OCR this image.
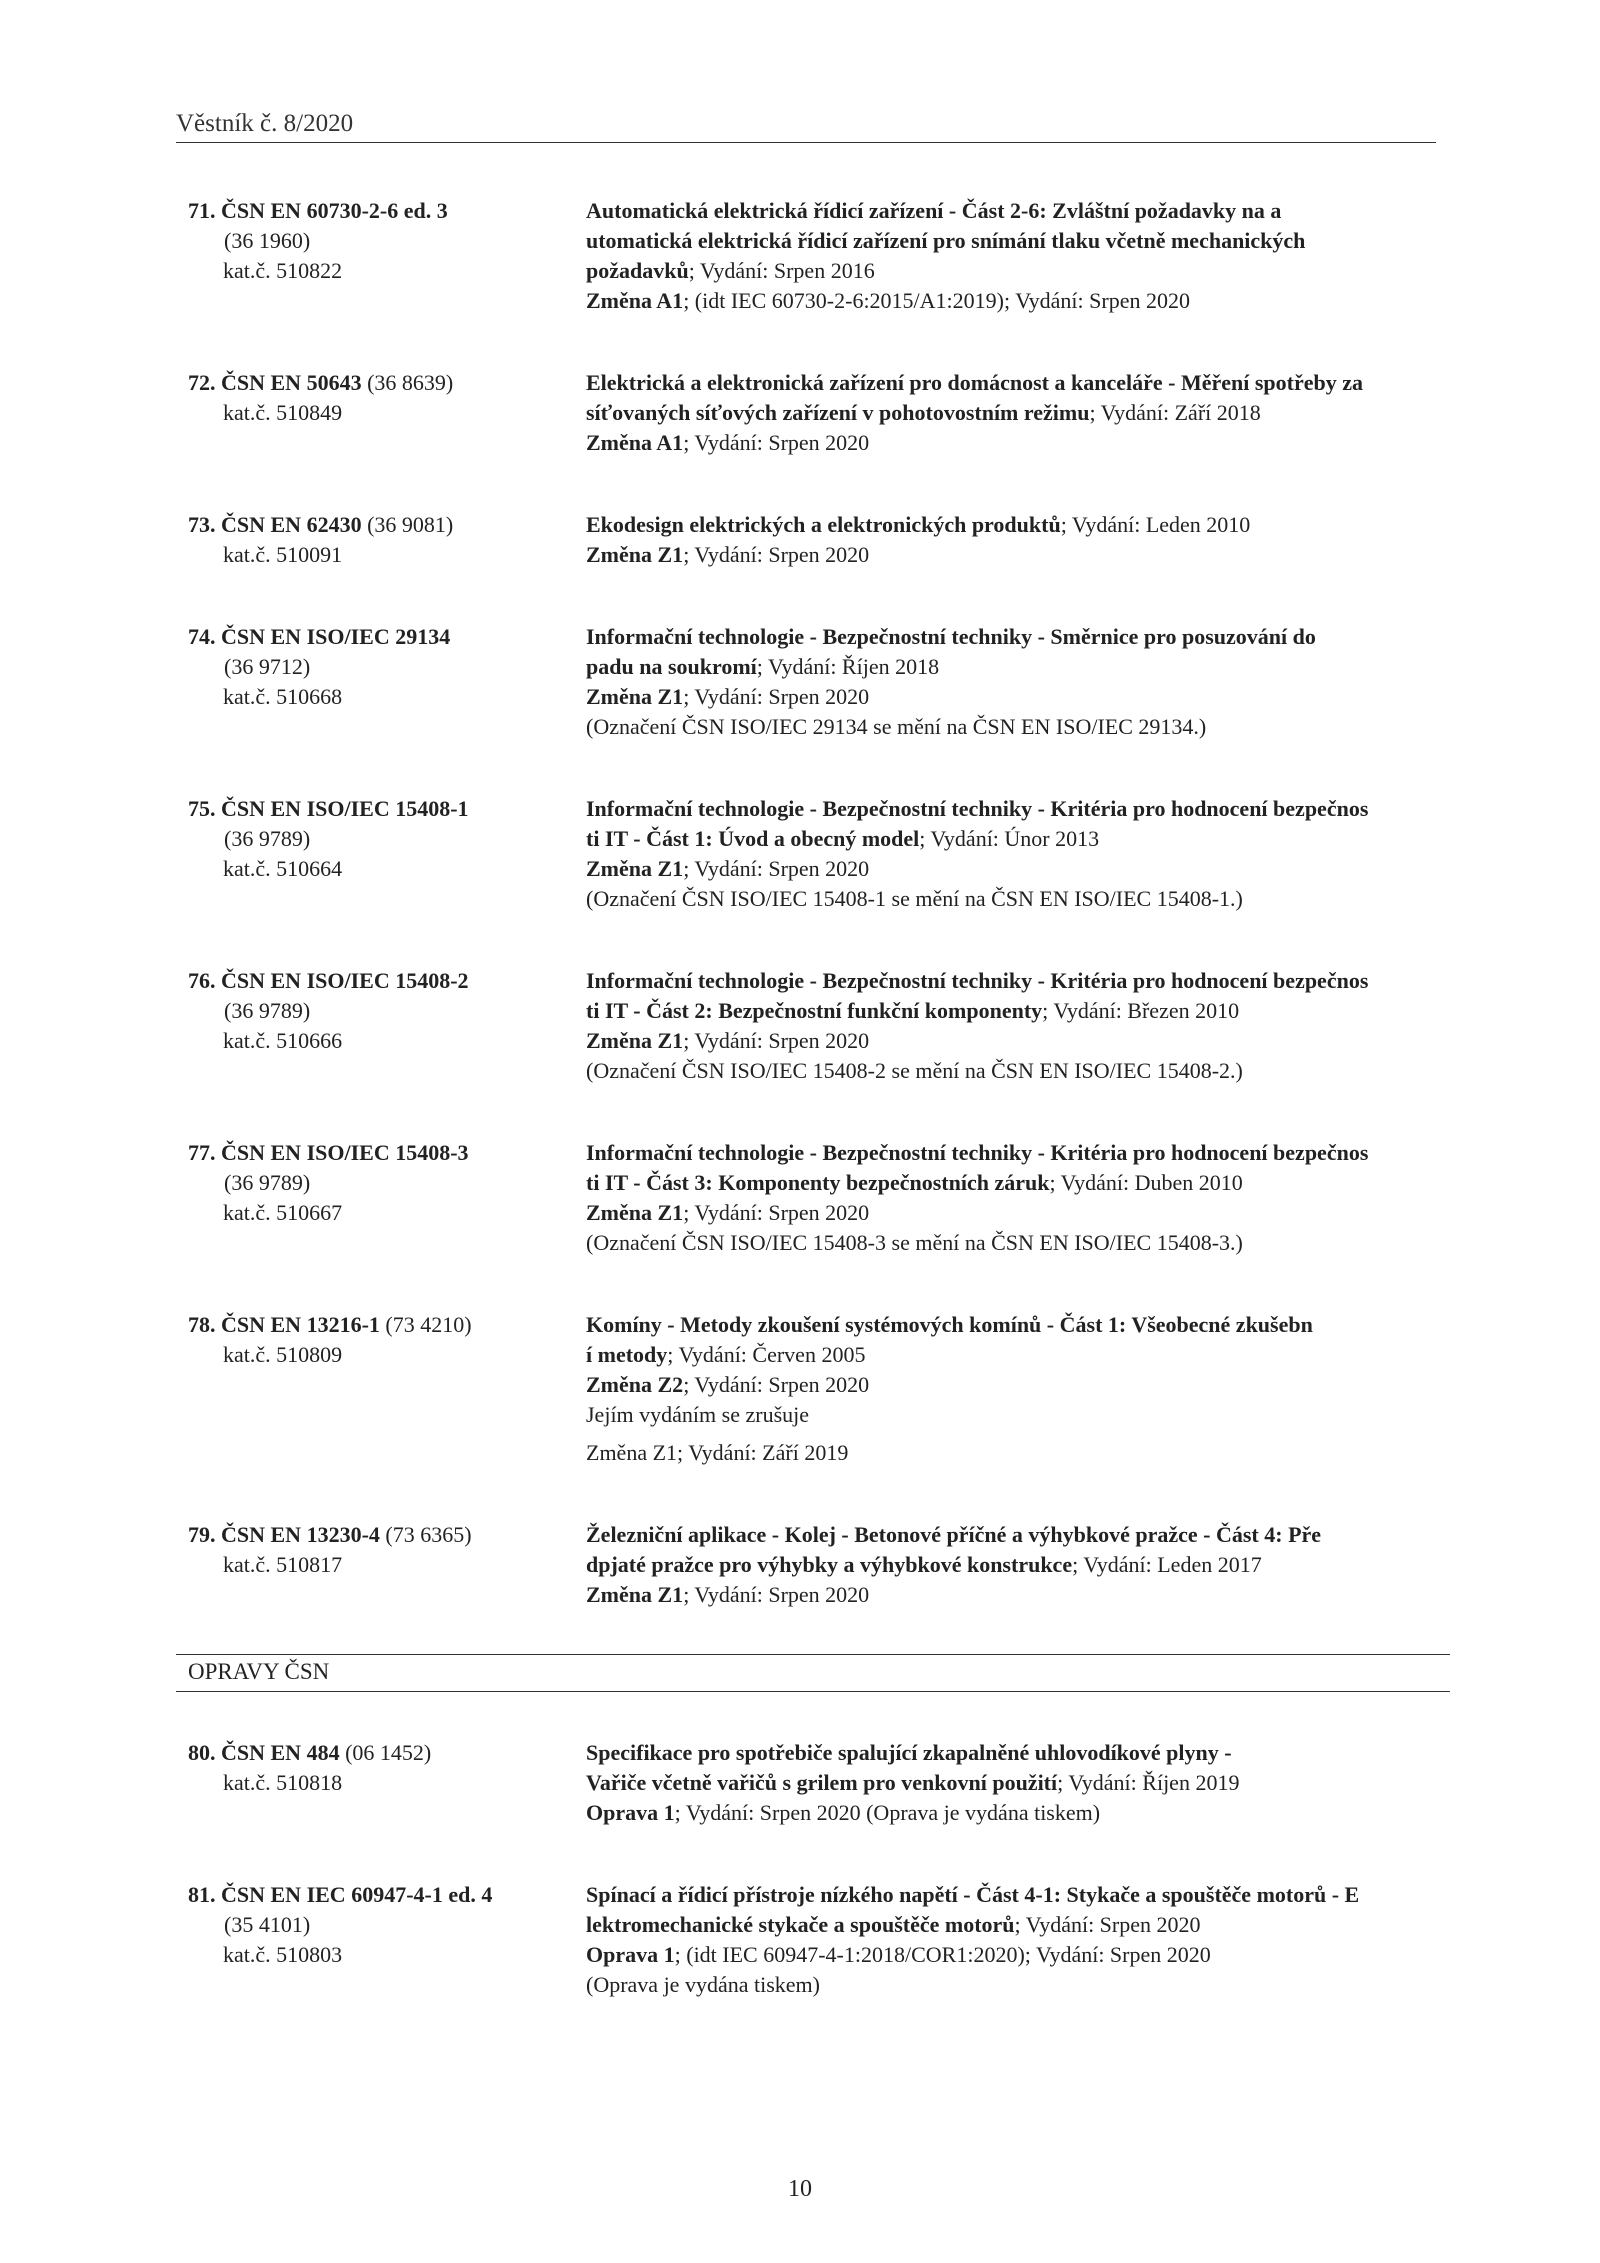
Věstník č. 8/2020
71. ČSN EN 60730-2-6 ed. 3
(36 1960)
kat.č. 510822
Automatická elektrická řídicí zařízení - Část 2-6: Zvláštní požadavky na a
utomatická elektrická řídicí zařízení pro snímání tlaku včetně mechanických
požadavků; Vydání: Srpen 2016
Změna A1; (idt IEC 60730-2-6:2015/A1:2019); Vydání: Srpen 2020
72. ČSN EN 50643 (36 8639)
kat.č. 510849
Elektrická a elektronická zařízení pro domácnost a kanceláře - Měření spotřeby za
síťovaných síťových zařízení v pohotovostním režimu; Vydání: Září 2018
Změna A1; Vydání: Srpen 2020
73. ČSN EN 62430 (36 9081)
kat.č. 510091
Ekodesign elektrických a elektronických produktů; Vydání: Leden 2010
Změna Z1; Vydání: Srpen 2020
74. ČSN EN ISO/IEC 29134
(36 9712)
kat.č. 510668
Informační technologie - Bezpečnostní techniky - Směrnice pro posuzování do
padu na soukromí; Vydání: Říjen 2018
Změna Z1; Vydání: Srpen 2020
(Označení ČSN ISO/IEC 29134 se mění na ČSN EN ISO/IEC 29134.)
75. ČSN EN ISO/IEC 15408-1
(36 9789)
kat.č. 510664
Informační technologie - Bezpečnostní techniky - Kritéria pro hodnocení bezpečnos
ti IT - Část 1: Úvod a obecný model; Vydání: Únor 2013
Změna Z1; Vydání: Srpen 2020
(Označení ČSN ISO/IEC 15408-1 se mění na ČSN EN ISO/IEC 15408-1.)
76. ČSN EN ISO/IEC 15408-2
(36 9789)
kat.č. 510666
Informační technologie - Bezpečnostní techniky - Kritéria pro hodnocení bezpečnos
ti IT - Část 2: Bezpečnostní funkční komponenty; Vydání: Březen 2010
Změna Z1; Vydání: Srpen 2020
(Označení ČSN ISO/IEC 15408-2 se mění na ČSN EN ISO/IEC 15408-2.)
77. ČSN EN ISO/IEC 15408-3
(36 9789)
kat.č. 510667
Informační technologie - Bezpečnostní techniky - Kritéria pro hodnocení bezpečnos
ti IT - Část 3: Komponenty bezpečnostních záruk; Vydání: Duben 2010
Změna Z1; Vydání: Srpen 2020
(Označení ČSN ISO/IEC 15408-3 se mění na ČSN EN ISO/IEC 15408-3.)
78. ČSN EN 13216-1 (73 4210)
kat.č. 510809
Komíny - Metody zkoušení systémových komínů - Část 1: Všeobecné zkušebn
í metody; Vydání: Červen 2005
Změna Z2; Vydání: Srpen 2020
Jejím vydáním se zrušuje
Změna Z1; Vydání: Září 2019
79. ČSN EN 13230-4 (73 6365)
kat.č. 510817
Železniční aplikace - Kolej - Betonové příčné a výhybkové pražce - Část 4: Pře
dpjaté pražce pro výhybky a výhybkové konstrukce; Vydání: Leden 2017
Změna Z1; Vydání: Srpen 2020
OPRAVY ČSN
80. ČSN EN 484 (06 1452)
kat.č. 510818
Specifikace pro spotřebiče spalující zkapalněné uhlovodíkové plyny -
Vařiče včetně vařičů s grilem pro venkovní použití; Vydání: Říjen 2019
Oprava 1; Vydání: Srpen 2020 (Oprava je vydána tiskem)
81. ČSN EN IEC 60947-4-1 ed. 4
(35 4101)
kat.č. 510803
Spínací a řídicí přístroje nízkého napětí - Část 4-1: Stykače a spouštěče motorů - E
lektromechanické stykače a spouštěče motorů; Vydání: Srpen 2020
Oprava 1; (idt IEC 60947-4-1:2018/COR1:2020); Vydání: Srpen 2020
(Oprava je vydána tiskem)
10
